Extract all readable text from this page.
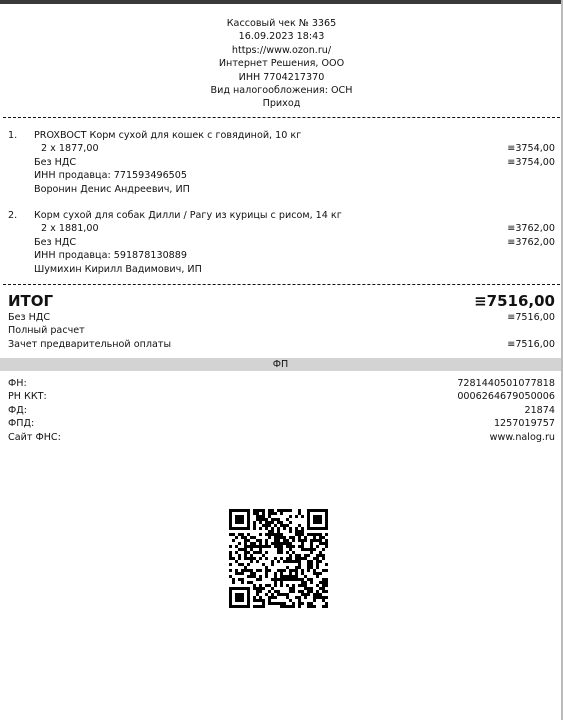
Кассовый чек № 3365
16.09.2023 18:43
https://www.ozon.ru/
Интернет Решения, ООО
ИНН 7704217370
Вид налогообложения: ОСН
Приход
1. PROXBOCT Корм сухой для кошек с говядиной, 10 кг
2 x 1877,00	≡3754,00
Без НДС	≡3754,00
ИНН продавца: 771593496505
Воронин Денис Андреевич, ИП
2. Корм сухой для собак Дилли / Рагу из курицы с рисом, 14 кг
2 x 1881,00	≡3762,00
Без НДС	≡3762,00
ИНН продавца: 591878130889
Шумихин Кирилл Вадимович, ИП
ИТОГ	≡7516,00
Без НДС	≡7516,00
Полный расчет
Зачет предварительной оплаты	≡7516,00
ФП
ФН:	7281440501077818
РН ККТ:	0006264679050006
ФД:	21874
ФПД:	1257019757
Сайт ФНС:	www.nalog.ru
